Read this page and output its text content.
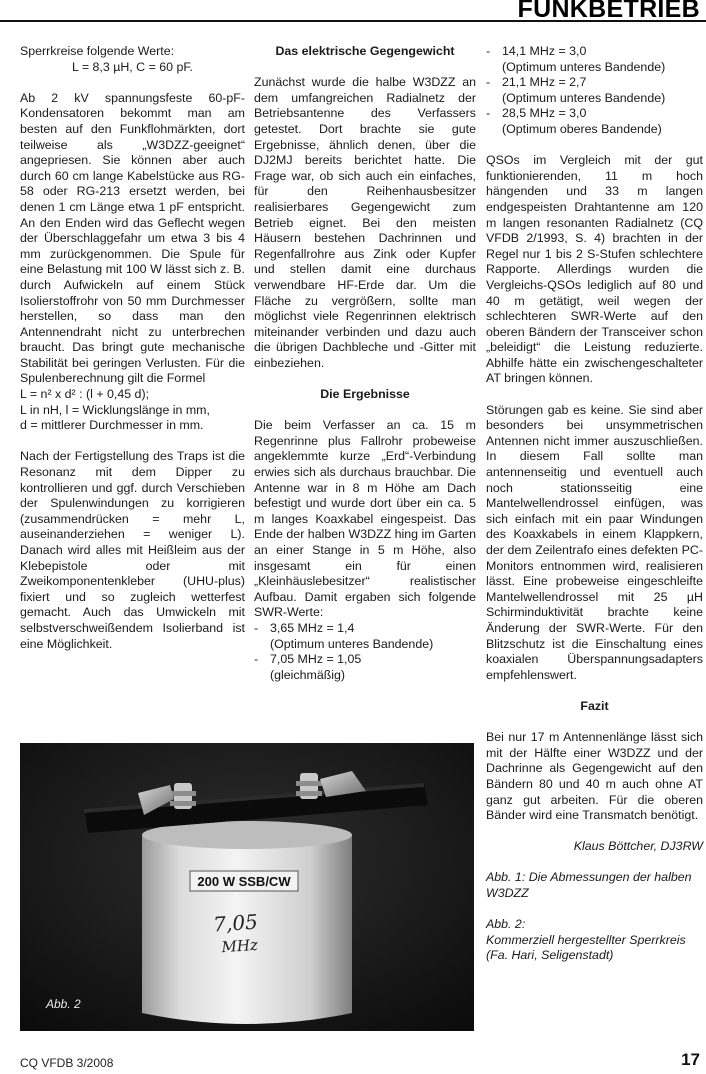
FUNKBETRIEB

Sperrkreise folgende Werte:

L = 8,3 µH, C = 60 pF.

Ab 2 kV spannungsfeste 60-pF-Kondensatoren bekommt man am besten auf den Funkflohmärkten, dort teilweise als „W3DZZ-geeignet“ angepriesen. Sie können aber auch durch 60 cm lange Kabelstücke aus RG-58 oder RG-213 ersetzt werden, bei denen 1 cm Länge etwa 1 pF entspricht. An den Enden wird das Geflecht wegen der Überschlaggefahr um etwa 3 bis 4 mm zurückgenommen. Die Spule für eine Belastung mit 100 W lässt sich z. B. durch Aufwickeln auf einem Stück Isolierstoffrohr von 50 mm Durchmesser herstellen, so dass man den Antennendraht nicht zu unterbrechen braucht. Das bringt gute mechanische Stabilität bei geringen Verlusten. Für die Spulenberechnung gilt die Formel

L = n² x d² : (l + 0,45 d);

L in nH, l = Wicklungslänge in mm,

d = mittlerer Durchmesser in mm.

Nach der Fertigstellung des Traps ist die Resonanz mit dem Dipper zu kontrollieren und ggf. durch Verschieben der Spulenwindungen zu korrigieren (zusammendrücken = mehr L, auseinanderziehen = weniger L). Danach wird alles mit Heißleim aus der Klebepistole oder mit Zweikomponentenkleber (UHU-plus) fixiert und so zugleich wetterfest gemacht. Auch das Umwickeln mit selbstverschweißendem Isolierband ist eine Möglichkeit.

Das elektrische Gegengewicht

Zunächst wurde die halbe W3DZZ an dem umfangreichen Radialnetz der Betriebsantenne des Verfassers getestet. Dort brachte sie gute Ergebnisse, ähnlich denen, über die DJ2MJ bereits berichtet hatte. Die Frage war, ob sich auch ein einfaches, für den Reihenhausbesitzer realisierbares Gegengewicht zum Betrieb eignet. Bei den meisten Häusern bestehen Dachrinnen und Regenfallrohre aus Zink oder Kupfer und stellen damit eine durchaus verwendbare HF-Erde dar. Um die Fläche zu vergrößern, sollte man möglichst viele Regenrinnen elektrisch miteinander verbinden und dazu auch die übrigen Dachbleche und -Gitter mit einbeziehen.

Die Ergebnisse

Die beim Verfasser an ca. 15 m Regenrinne plus Fallrohr probeweise angeklemmte kurze „Erd“-Verbindung erwies sich als durchaus brauchbar. Die Antenne war in 8 m Höhe am Dach befestigt und wurde dort über ein ca. 5 m langes Koaxkabel eingespeist. Das Ende der halben W3DZZ hing im Garten an einer Stange in 5 m Höhe, also insgesamt ein für einen „Kleinhäuslebesitzer“ realistischer Aufbau. Damit ergaben sich folgende SWR-Werte:

- 3,65 MHz = 1,4
(Optimum unteres Bandende)
- 7,05 MHz = 1,05
(gleichmäßig)
- 14,1 MHz = 3,0
(Optimum unteres Bandende)
- 21,1 MHz = 2,7
(Optimum unteres Bandende)
- 28,5 MHz = 3,0
(Optimum oberes Bandende)

QSOs im Vergleich mit der gut funktionierenden, 11 m hoch hängenden und 33 m langen endgespeisten Drahtantenne am 120 m langen resonanten Radialnetz (CQ VFDB 2/1993, S. 4) brachten in der Regel nur 1 bis 2 S-Stufen schlechtere Rapporte. Allerdings wurden die Vergleichs-QSOs lediglich auf 80 und 40 m getätigt, weil wegen der schlechteren SWR-Werte auf den oberen Bändern der Transceiver schon „beleidigt“ die Leistung reduzierte. Abhilfe hätte ein zwischengeschalteter AT bringen können.

Störungen gab es keine. Sie sind aber besonders bei unsymmetrischen Antennen nicht immer auszuschließen. In diesem Fall sollte man antennenseitig und eventuell auch noch stationsseitig eine Mantelwellendrossel einfügen, was sich einfach mit ein paar Windungen des Koaxkabels in einem Klappkern, der dem Zeilentrafo eines defekten PC-Monitors entnommen wird, realisieren lässt. Eine probeweise eingeschleifte Mantelwellendrossel mit 25 µH Schirminduktivität brachte keine Änderung der SWR-Werte. Für den Blitzschutz ist die Einschaltung eines koaxialen Überspannungsadapters empfehlenswert.

Fazit

Bei nur 17 m Antennenlänge lässt sich mit der Hälfte einer W3DZZ und der Dachrinne als Gegengewicht auf den Bändern 80 und 40 m auch ohne AT ganz gut arbeiten. Für die oberen Bänder wird eine Transmatch benötigt.

Klaus Böttcher, DJ3RW

Abb. 1: Die Abmessungen der halben W3DZZ

Abb. 2:

Kommerziell hergestellter Sperrkreis (Fa. Hari, Seligenstadt)

200 W SSB/CW
7,05
MHz
Abb. 2
CQ VFDB 3/2008	17
